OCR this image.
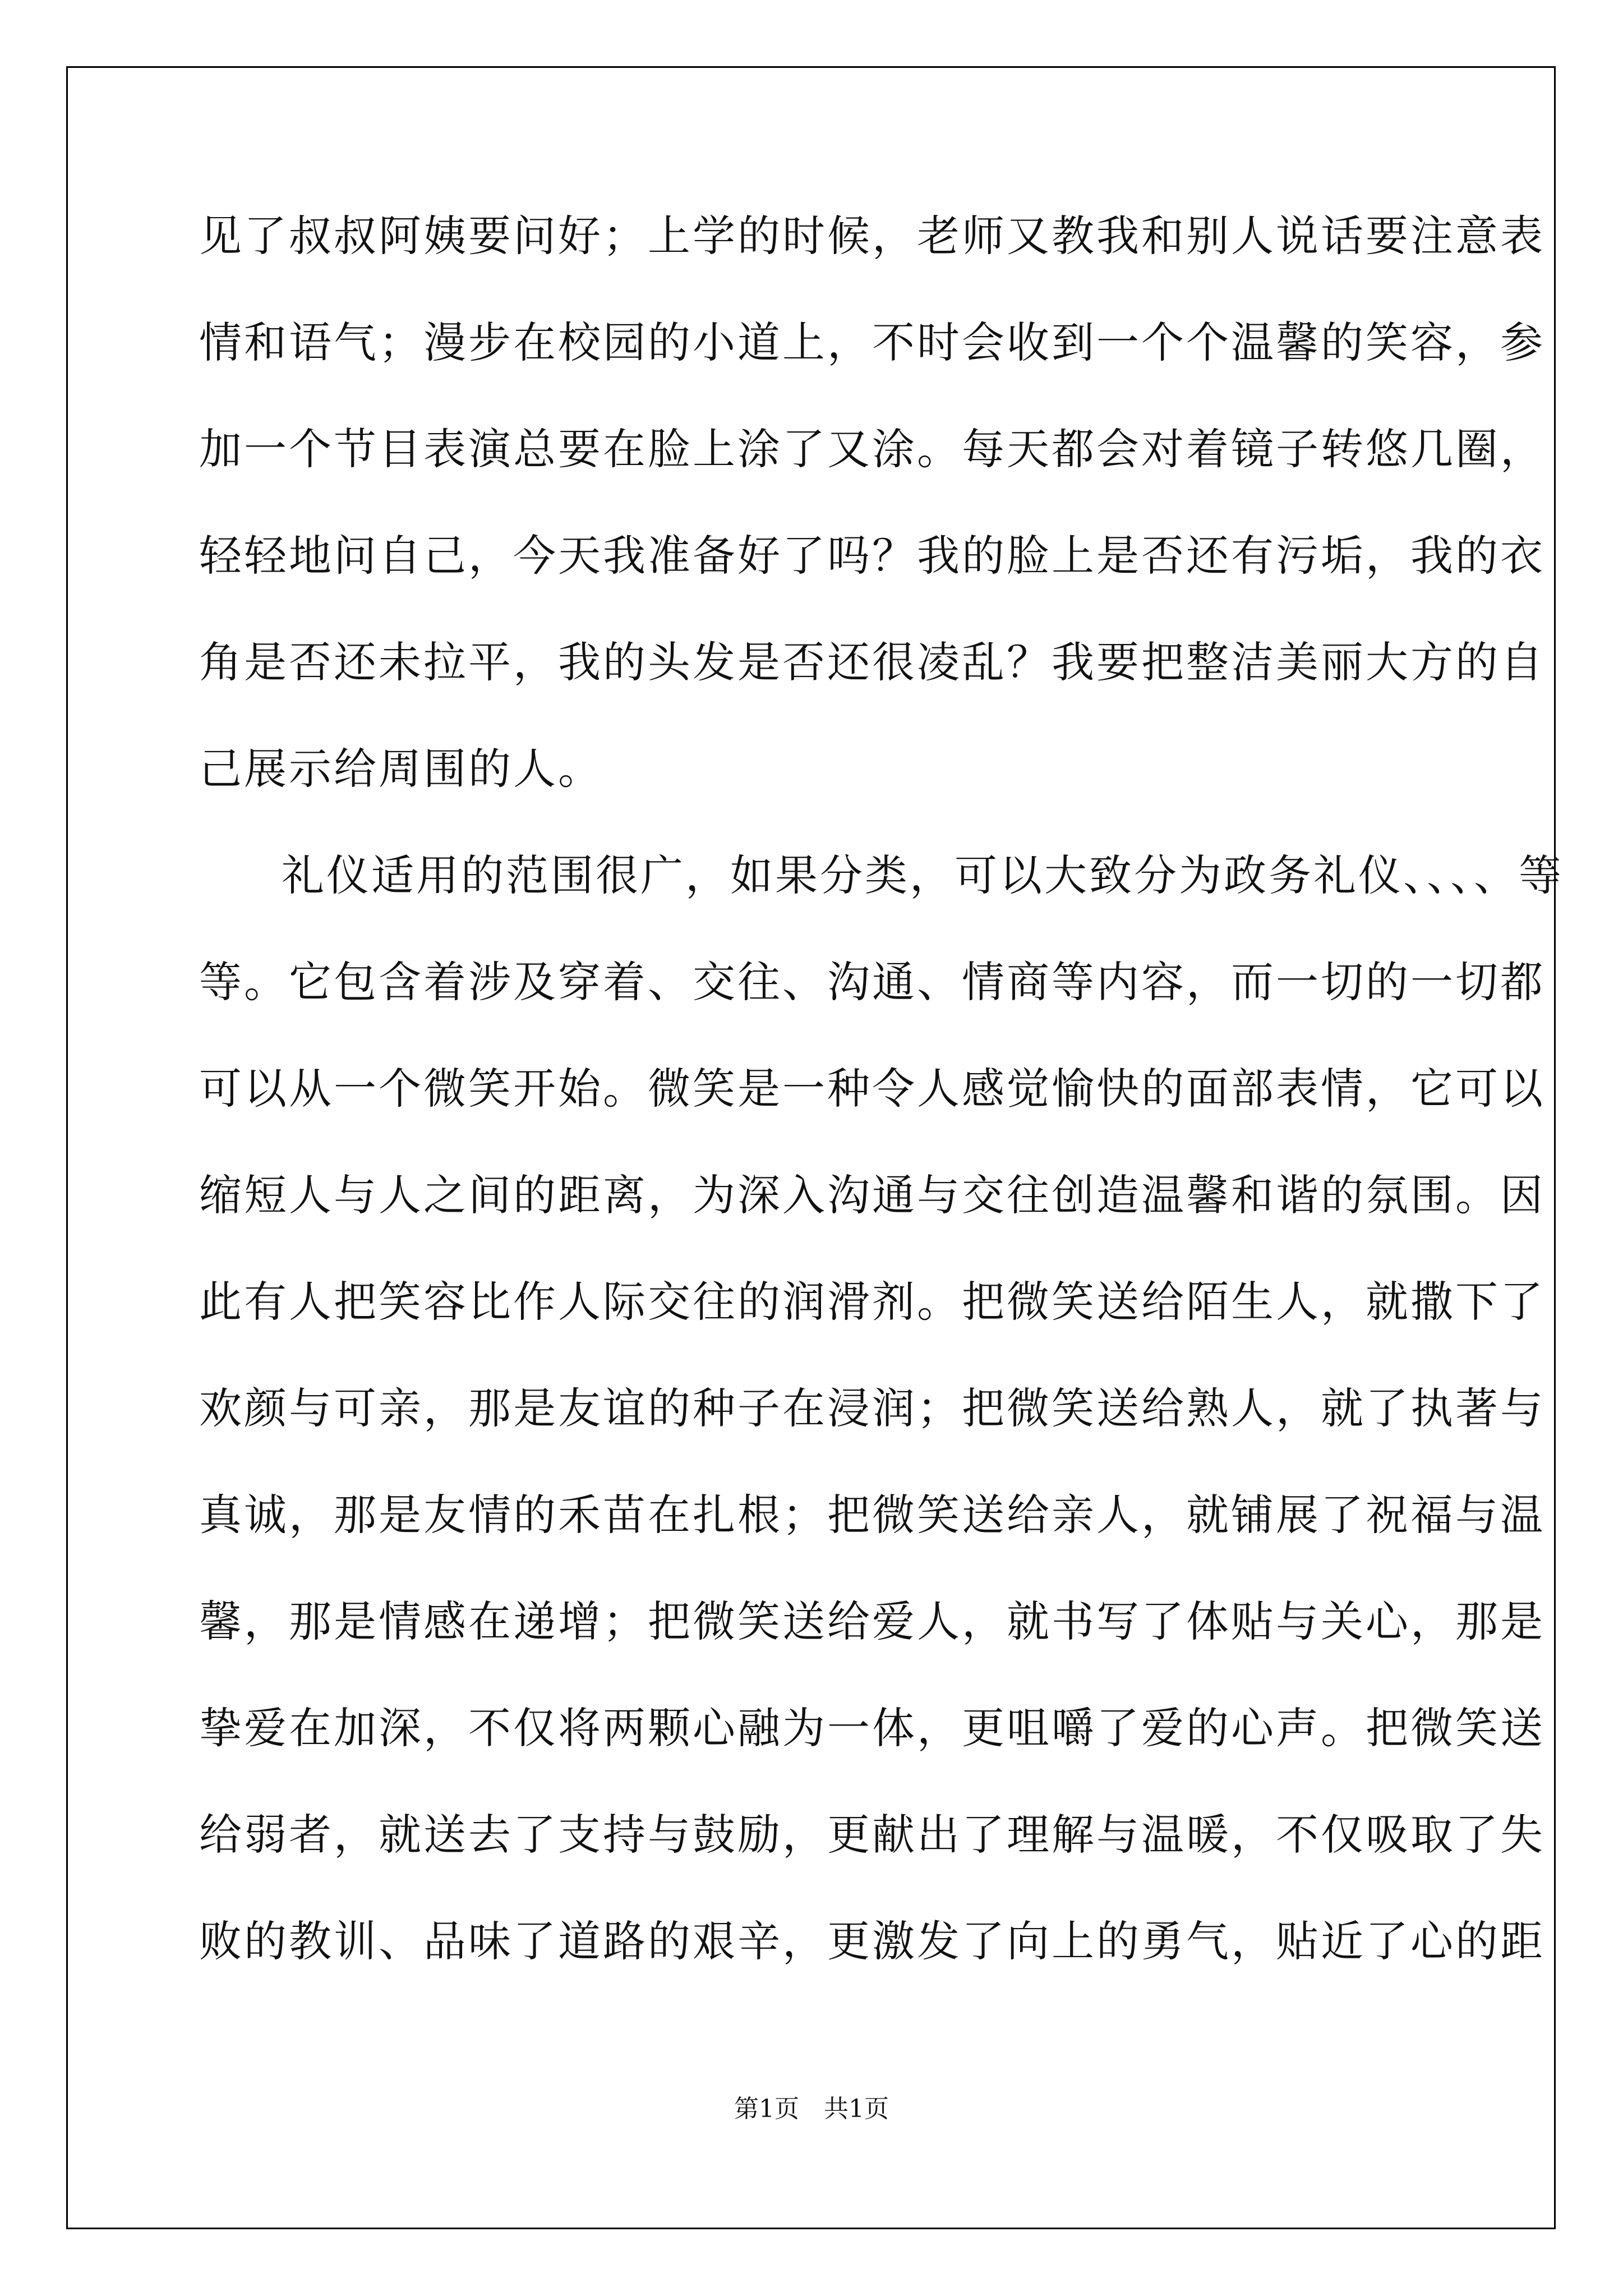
见了叔叔阿姨要问好；上学的时候，老师又教我和别人说话要注意表
情和语气；漫步在校园的小道上，不时会收到一个个温馨的笑容，参
加一个节目表演总要在脸上涂了又涂。每天都会对着镜子转悠几圈，
轻轻地问自己，今天我准备好了吗？我的脸上是否还有污垢，我的衣
角是否还未拉平，我的头发是否还很凌乱？我要把整洁美丽大方的自
己展示给周围的人。
礼仪适用的范围很广，如果分类，可以大致分为政务礼仪、、、、等
等。它包含着涉及穿着、交往、沟通、情商等内容，而一切的一切都
可以从一个微笑开始。微笑是一种令人感觉愉快的面部表情，它可以
缩短人与人之间的距离，为深入沟通与交往创造温馨和谐的氛围。因
此有人把笑容比作人际交往的润滑剂。把微笑送给陌生人，就撒下了
欢颜与可亲，那是友谊的种子在浸润；把微笑送给熟人，就了执著与
真诚，那是友情的禾苗在扎根；把微笑送给亲人，就铺展了祝福与温
馨，那是情感在递增；把微笑送给爱人，就书写了体贴与关心，那是
挚爱在加深，不仅将两颗心融为一体，更咀嚼了爱的心声。把微笑送
给弱者，就送去了支持与鼓励，更献出了理解与温暖，不仅吸取了失
败的教训、品味了道路的艰辛，更激发了向上的勇气，贴近了心的距
第1页　共1页
